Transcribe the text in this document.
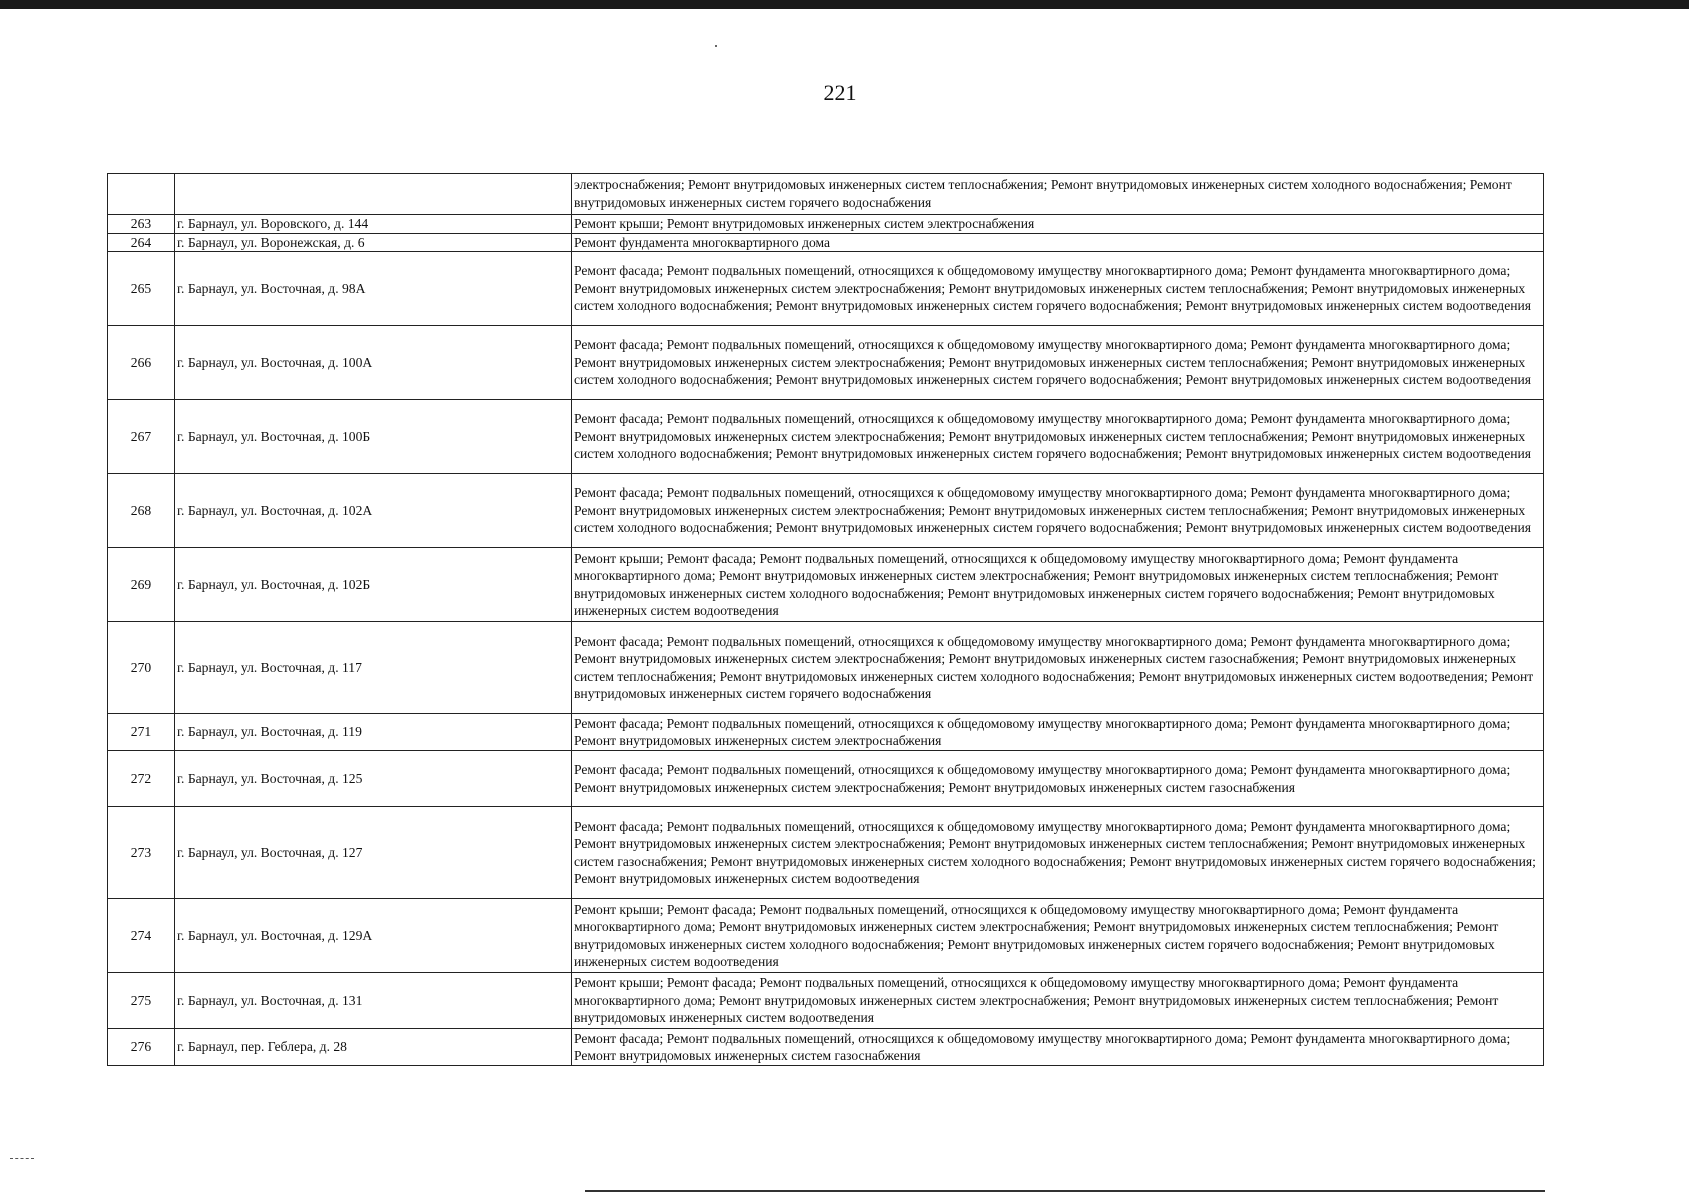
221
		электроснабжения; Ремонт внутридомовых инженерных систем теплоснабжения; Ремонт внутридомовых инженерных систем холодного водоснабжения; Ремонт внутридомовых инженерных систем горячего водоснабжения
263	г. Барнаул, ул. Воровского, д. 144	Ремонт крыши; Ремонт внутридомовых инженерных систем электроснабжения
264	г. Барнаул, ул. Воронежская, д. 6	Ремонт фундамента многоквартирного дома
265	г. Барнаул, ул. Восточная, д. 98А	Ремонт фасада; Ремонт подвальных помещений, относящихся к общедомовому имуществу многоквартирного дома; Ремонт фундамента многоквартирного дома; Ремонт внутридомовых инженерных систем электроснабжения; Ремонт внутридомовых инженерных систем теплоснабжения; Ремонт внутридомовых инженерных систем холодного водоснабжения; Ремонт внутридомовых инженерных систем горячего водоснабжения; Ремонт внутридомовых инженерных систем водоотведения
266	г. Барнаул, ул. Восточная, д. 100А	Ремонт фасада; Ремонт подвальных помещений, относящихся к общедомовому имуществу многоквартирного дома; Ремонт фундамента многоквартирного дома; Ремонт внутридомовых инженерных систем электроснабжения; Ремонт внутридомовых инженерных систем теплоснабжения; Ремонт внутридомовых инженерных систем холодного водоснабжения; Ремонт внутридомовых инженерных систем горячего водоснабжения; Ремонт внутридомовых инженерных систем водоотведения
267	г. Барнаул, ул. Восточная, д. 100Б	Ремонт фасада; Ремонт подвальных помещений, относящихся к общедомовому имуществу многоквартирного дома; Ремонт фундамента многоквартирного дома; Ремонт внутридомовых инженерных систем электроснабжения; Ремонт внутридомовых инженерных систем теплоснабжения; Ремонт внутридомовых инженерных систем холодного водоснабжения; Ремонт внутридомовых инженерных систем горячего водоснабжения; Ремонт внутридомовых инженерных систем водоотведения
268	г. Барнаул, ул. Восточная, д. 102А	Ремонт фасада; Ремонт подвальных помещений, относящихся к общедомовому имуществу многоквартирного дома; Ремонт фундамента многоквартирного дома; Ремонт внутридомовых инженерных систем электроснабжения; Ремонт внутридомовых инженерных систем теплоснабжения; Ремонт внутридомовых инженерных систем холодного водоснабжения; Ремонт внутридомовых инженерных систем горячего водоснабжения; Ремонт внутридомовых инженерных систем водоотведения
269	г. Барнаул, ул. Восточная, д. 102Б	Ремонт крыши; Ремонт фасада; Ремонт подвальных помещений, относящихся к общедомовому имуществу многоквартирного дома; Ремонт фундамента многоквартирного дома; Ремонт внутридомовых инженерных систем электроснабжения; Ремонт внутридомовых инженерных систем теплоснабжения; Ремонт внутридомовых инженерных систем холодного водоснабжения; Ремонт внутридомовых инженерных систем горячего водоснабжения; Ремонт внутридомовых инженерных систем водоотведения
270	г. Барнаул, ул. Восточная, д. 117	Ремонт фасада; Ремонт подвальных помещений, относящихся к общедомовому имуществу многоквартирного дома; Ремонт фундамента многоквартирного дома; Ремонт внутридомовых инженерных систем электроснабжения; Ремонт внутридомовых инженерных систем газоснабжения; Ремонт внутридомовых инженерных систем теплоснабжения; Ремонт внутридомовых инженерных систем холодного водоснабжения; Ремонт внутридомовых инженерных систем водоотведения; Ремонт внутридомовых инженерных систем горячего водоснабжения
271	г. Барнаул, ул. Восточная, д. 119	Ремонт фасада; Ремонт подвальных помещений, относящихся к общедомовому имуществу многоквартирного дома; Ремонт фундамента многоквартирного дома; Ремонт внутридомовых инженерных систем электроснабжения
272	г. Барнаул, ул. Восточная, д. 125	Ремонт фасада; Ремонт подвальных помещений, относящихся к общедомовому имуществу многоквартирного дома; Ремонт фундамента многоквартирного дома; Ремонт внутридомовых инженерных систем электроснабжения; Ремонт внутридомовых инженерных систем газоснабжения
273	г. Барнаул, ул. Восточная, д. 127	Ремонт фасада; Ремонт подвальных помещений, относящихся к общедомовому имуществу многоквартирного дома; Ремонт фундамента многоквартирного дома; Ремонт внутридомовых инженерных систем электроснабжения; Ремонт внутридомовых инженерных систем теплоснабжения; Ремонт внутридомовых инженерных систем газоснабжения; Ремонт внутридомовых инженерных систем холодного водоснабжения; Ремонт внутридомовых инженерных систем горячего водоснабжения; Ремонт внутридомовых инженерных систем водоотведения
274	г. Барнаул, ул. Восточная, д. 129А	Ремонт крыши; Ремонт фасада; Ремонт подвальных помещений, относящихся к общедомовому имуществу многоквартирного дома; Ремонт фундамента многоквартирного дома; Ремонт внутридомовых инженерных систем электроснабжения; Ремонт внутридомовых инженерных систем теплоснабжения; Ремонт внутридомовых инженерных систем холодного водоснабжения; Ремонт внутридомовых инженерных систем горячего водоснабжения; Ремонт внутридомовых инженерных систем водоотведения
275	г. Барнаул, ул. Восточная, д. 131	Ремонт крыши; Ремонт фасада; Ремонт подвальных помещений, относящихся к общедомовому имуществу многоквартирного дома; Ремонт фундамента многоквартирного дома; Ремонт внутридомовых инженерных систем электроснабжения; Ремонт внутридомовых инженерных систем теплоснабжения; Ремонт внутридомовых инженерных систем водоотведения
276	г. Барнаул, пер. Геблера, д. 28	Ремонт фасада; Ремонт подвальных помещений, относящихся к общедомовому имуществу многоквартирного дома; Ремонт фундамента многоквартирного дома; Ремонт внутридомовых инженерных систем газоснабжения
